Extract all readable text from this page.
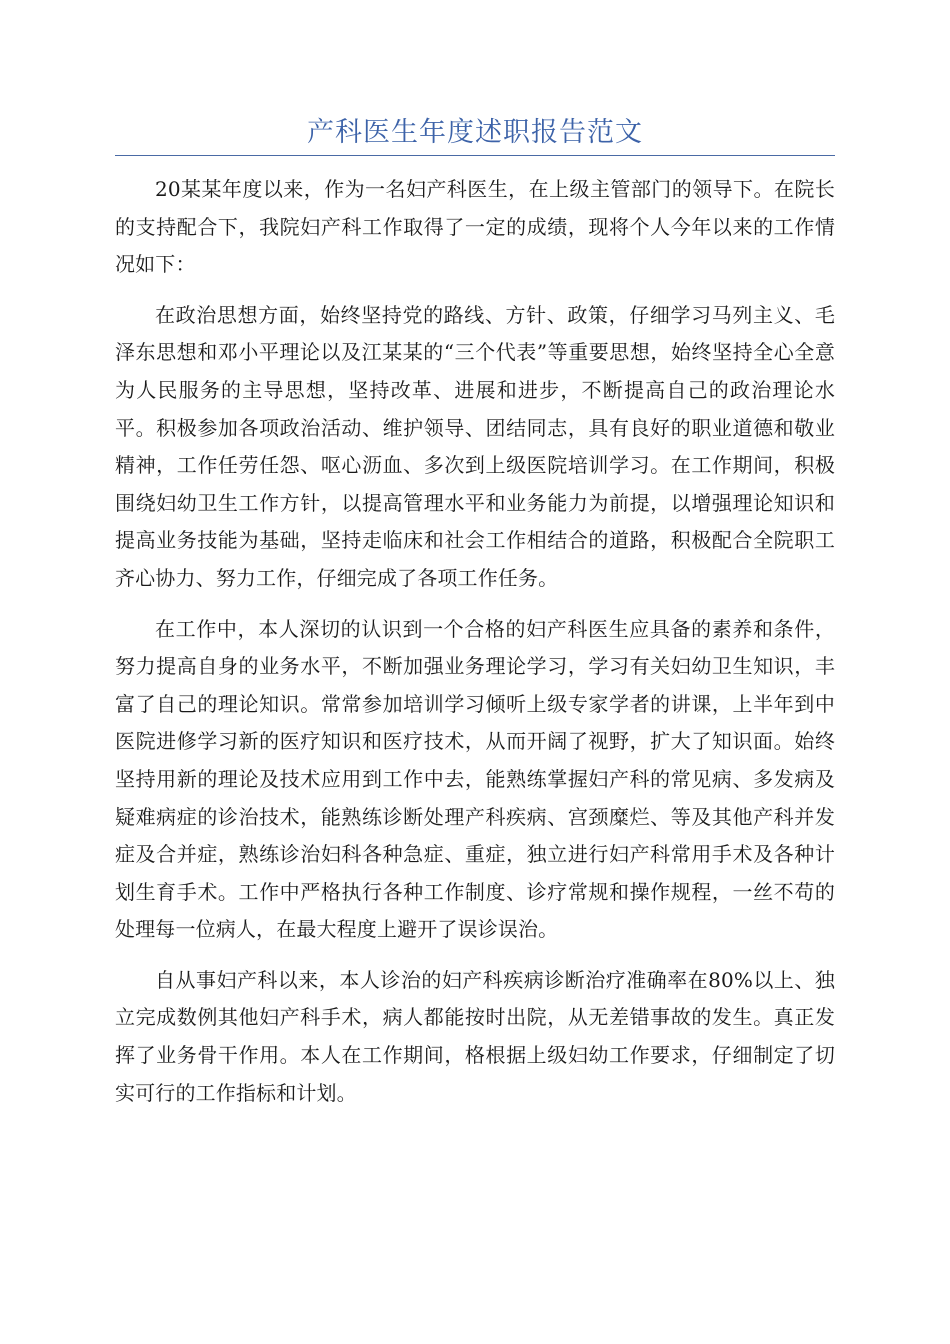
产科医生年度述职报告范文

20某某年度以来，作为一名妇产科医生，在上级主管部门的领导下。在院长的支持配合下，我院妇产科工作取得了一定的成绩，现将个人今年以来的工作情况如下：

在政治思想方面，始终坚持党的路线、方针、政策，仔细学习马列主义、毛泽东思想和邓小平理论以及江某某的“三个代表”等重要思想，始终坚持全心全意为人民服务的主导思想，坚持改革、进展和进步，不断提高自己的政治理论水平。积极参加各项政治活动、维护领导、团结同志，具有良好的职业道德和敬业精神，工作任劳任怨、呕心沥血、多次到上级医院培训学习。在工作期间，积极围绕妇幼卫生工作方针，以提高管理水平和业务能力为前提，以增强理论知识和提高业务技能为基础，坚持走临床和社会工作相结合的道路，积极配合全院职工齐心协力、努力工作，仔细完成了各项工作任务。

在工作中，本人深切的认识到一个合格的妇产科医生应具备的素养和条件，努力提高自身的业务水平，不断加强业务理论学习，学习有关妇幼卫生知识，丰富了自己的理论知识。常常参加培训学习倾听上级专家学者的讲课，上半年到中医院进修学习新的医疗知识和医疗技术，从而开阔了视野，扩大了知识面。始终坚持用新的理论及技术应用到工作中去，能熟练掌握妇产科的常见病、多发病及疑难病症的诊治技术，能熟练诊断处理产科疾病、宫颈糜烂、等及其他产科并发症及合并症，熟练诊治妇科各种急症、重症，独立进行妇产科常用手术及各种计划生育手术。工作中严格执行各种工作制度、诊疗常规和操作规程，一丝不苟的处理每一位病人，在最大程度上避开了误诊误治。

自从事妇产科以来，本人诊治的妇产科疾病诊断治疗准确率在80%以上、独立完成数例其他妇产科手术，病人都能按时出院，从无差错事故的发生。真正发挥了业务骨干作用。本人在工作期间，格根据上级妇幼工作要求，仔细制定了切实可行的工作指标和计划。
